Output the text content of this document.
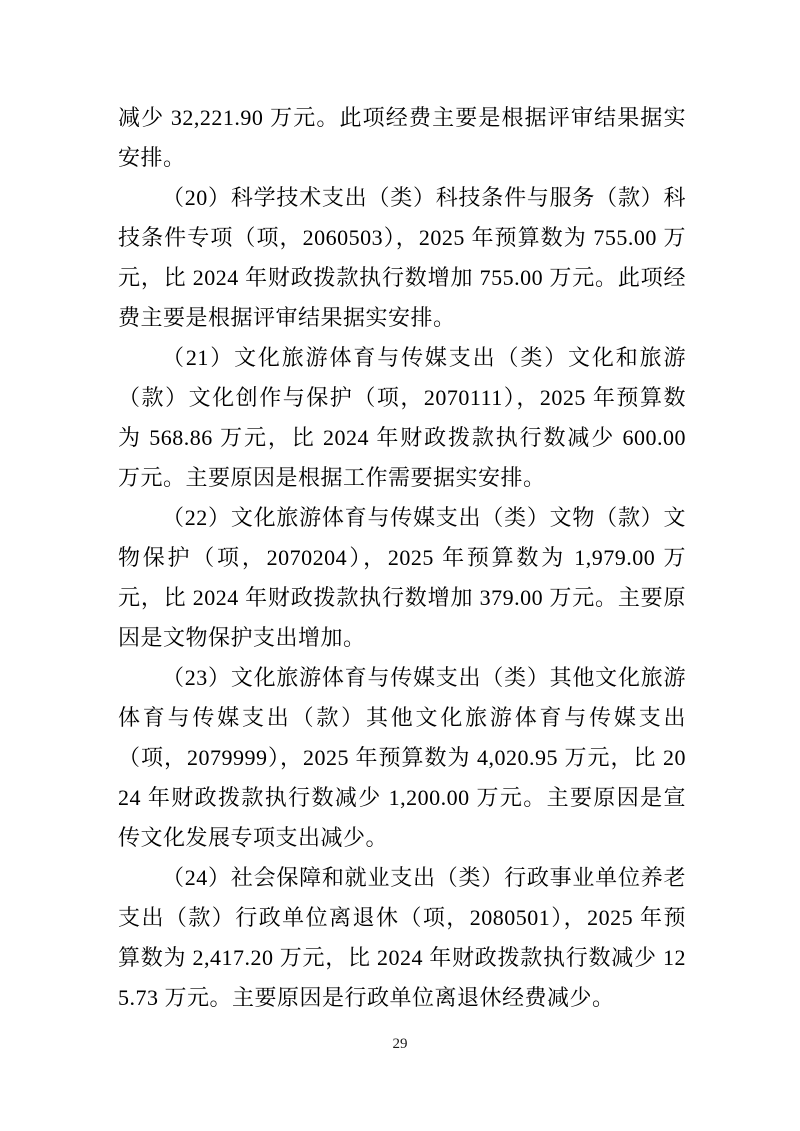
减少 32,221.90 万元。此项经费主要是根据评审结果据实安排。

（20）科学技术支出（类）科技条件与服务（款）科技条件专项（项，2060503），2025 年预算数为 755.00 万元，比 2024 年财政拨款执行数增加 755.00 万元。此项经费主要是根据评审结果据实安排。

（21）文化旅游体育与传媒支出（类）文化和旅游（款）文化创作与保护（项，2070111），2025 年预算数为 568.86 万元，比 2024 年财政拨款执行数减少 600.00 万元。主要原因是根据工作需要据实安排。

（22）文化旅游体育与传媒支出（类）文物（款）文物保护（项，2070204），2025 年预算数为 1,979.00 万元，比 2024 年财政拨款执行数增加 379.00 万元。主要原因是文物保护支出增加。

（23）文化旅游体育与传媒支出（类）其他文化旅游体育与传媒支出（款）其他文化旅游体育与传媒支出（项，2079999），2025 年预算数为 4,020.95 万元，比 2024 年财政拨款执行数减少 1,200.00 万元。主要原因是宣传文化发展专项支出减少。

（24）社会保障和就业支出（类）行政事业单位养老支出（款）行政单位离退休（项，2080501），2025 年预算数为 2,417.20 万元，比 2024 年财政拨款执行数减少 125.73 万元。主要原因是行政单位离退休经费减少。

29
